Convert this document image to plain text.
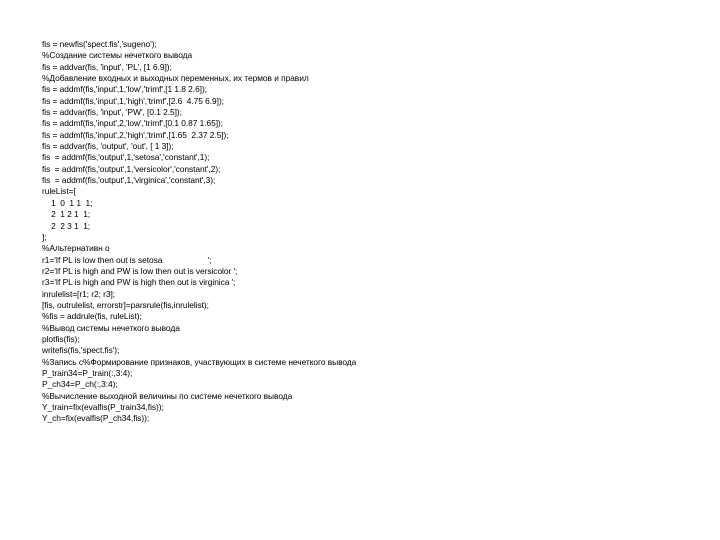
fis = newfis('spect.fis','sugeno');
%Создание системы нечеткого вывода
fis = addvar(fis, 'input', 'PL', [1 6.9]);
%Добавление входных и выходных переменных, их термов и правил
fis = addmf(fis,'input',1,'low','trimf',[1 1.8 2.6]);
fis = addmf(fis,'input',1,'high','trimf',[2.6  4.75 6.9]);
fis = addvar(fis, 'input', 'PW', [0.1 2.5]);
fis = addmf(fis,'input',2,'low','trimf',[0.1 0.87 1.65]);
fis = addmf(fis,'input',2,'high','trimf',[1.65  2.37 2.5]);
fis = addvar(fis, 'output', 'out', [ 1 3]);
fis  = addmf(fis,'output',1,'setosa','constant',1);
fis  = addmf(fis,'output',1,'versicolor','constant',2);
fis  = addmf(fis,'output',1,'virginica','constant',3);
ruleList=[
1  0  1 1  1;
2  1 2 1  1;
2  2 3 1  1;
];
%Альтернативн о
r1='If PL is low then out is setosa                    ';
r2='If PL is high and PW is low then out is versicolor ';
r3='If PL is high and PW is high then out is virginica ';
inrulelist=[r1; r2; r3];
[fis, outrulelist, errorstr]=parsrule(fis,inrulelist);
%fis = addrule(fis, ruleList);
%Вывод системы нечеткого вывода
plotfis(fis);
writefis(fis,'spect.fis');
%Запись с%Формирование признаков, участвующих в системе нечеткого вывода
P_train34=P_train(:,3:4);
P_ch34=P_ch(:,3:4);
%Вычисление выходной величины по системе нечеткого вывода
Y_train=fix(evalfis(P_train34,fis));
Y_ch=fix(evalfis(P_ch34,fis));
